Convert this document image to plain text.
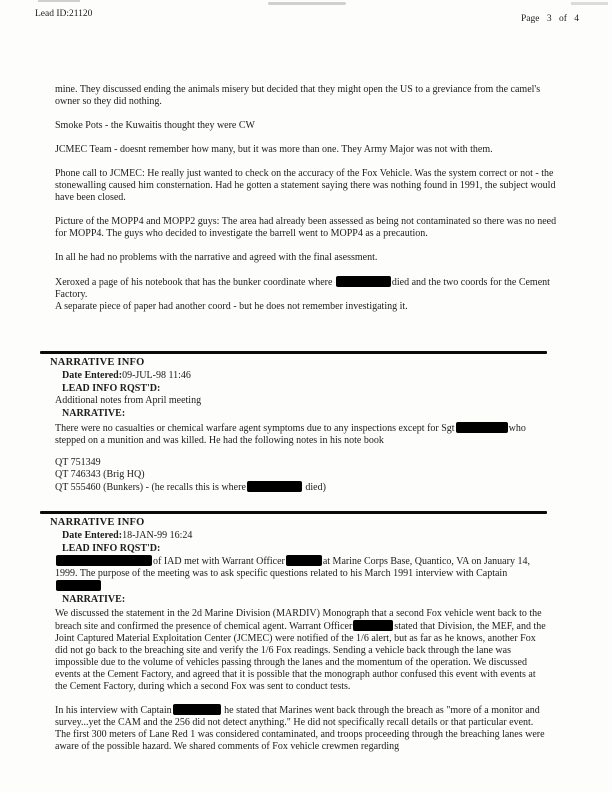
Lead ID:21120	Page 3 of 4

mine. They discussed ending the animals misery but decided that they might open the US to a greviance from the camel's owner so they did nothing.

Smoke Pots - the Kuwaitis thought they were CW

JCMEC Team - doesnt remember how many, but it was more than one. They Army Major was not with them.

Phone call to JCMEC: He really just wanted to check on the accuracy of the Fox Vehicle. Was the system correct or not - the stonewalling caused him consternation. Had he gotten a statement saying there was nothing found in 1991, the subject would have been closed.

Picture of the MOPP4 and MOPP2 guys: The area had already been assessed as being not contaminated so there was no need for MOPP4. The guys who decided to investigate the barrell went to MOPP4 as a precaution.

In all he had no problems with the narrative and agreed with the final asessment.

Xeroxed a page of his notebook that has the bunker coordinate where	died and the two coords for the Cement Factory.
A separate piece of paper had another coord - but he does not remember investigating it.

NARRATIVE INFO
Date Entered:09-JUL-98 11:46
LEAD INFO RQST'D:

Additional notes from April meeting

NARRATIVE:

There were no casualties or chemical warfare agent symptoms due to any inspections except for Sgt	who stepped on a munition and was killed. He had the following notes in his note book

QT 751349
QT 746343 (Brig HQ)
QT 555460 (Bunkers) - (he recalls this is where	died)

NARRATIVE INFO
Date Entered:18-JAN-99 16:24
LEAD INFO RQST'D:

of IAD met with Warrant Officer	at Marine Corps Base, Quantico, VA on January 14, 1999. The purpose of the meeting was to ask specific questions related to his March 1991 interview with Captain

NARRATIVE:

We discussed the statement in the 2d Marine Division (MARDIV) Monograph that a second Fox vehicle went back to the breach site and confirmed the presence of chemical agent. Warrant Officer	stated that Division, the MEF, and the Joint Captured Material Exploitation Center (JCMEC) were notified of the 1/6 alert, but as far as he knows, another Fox did not go back to the breaching site and verify the 1/6 Fox readings. Sending a vehicle back through the lane was impossible due to the volume of vehicles passing through the lanes and the momentum of the operation. We discussed events at the Cement Factory, and agreed that it is possible that the monograph author confused this event with events at the Cement Factory, during which a second Fox was sent to conduct tests.

In his interview with Captain	he stated that Marines went back through the breach as "more of a monitor and survey...yet the CAM and the 256 did not detect anything." He did not specifically recall details or that particular event. The first 300 meters of Lane Red 1 was considered contaminated, and troops proceeding through the breaching lanes were aware of the possible hazard. We shared comments of Fox vehicle crewmen regarding
